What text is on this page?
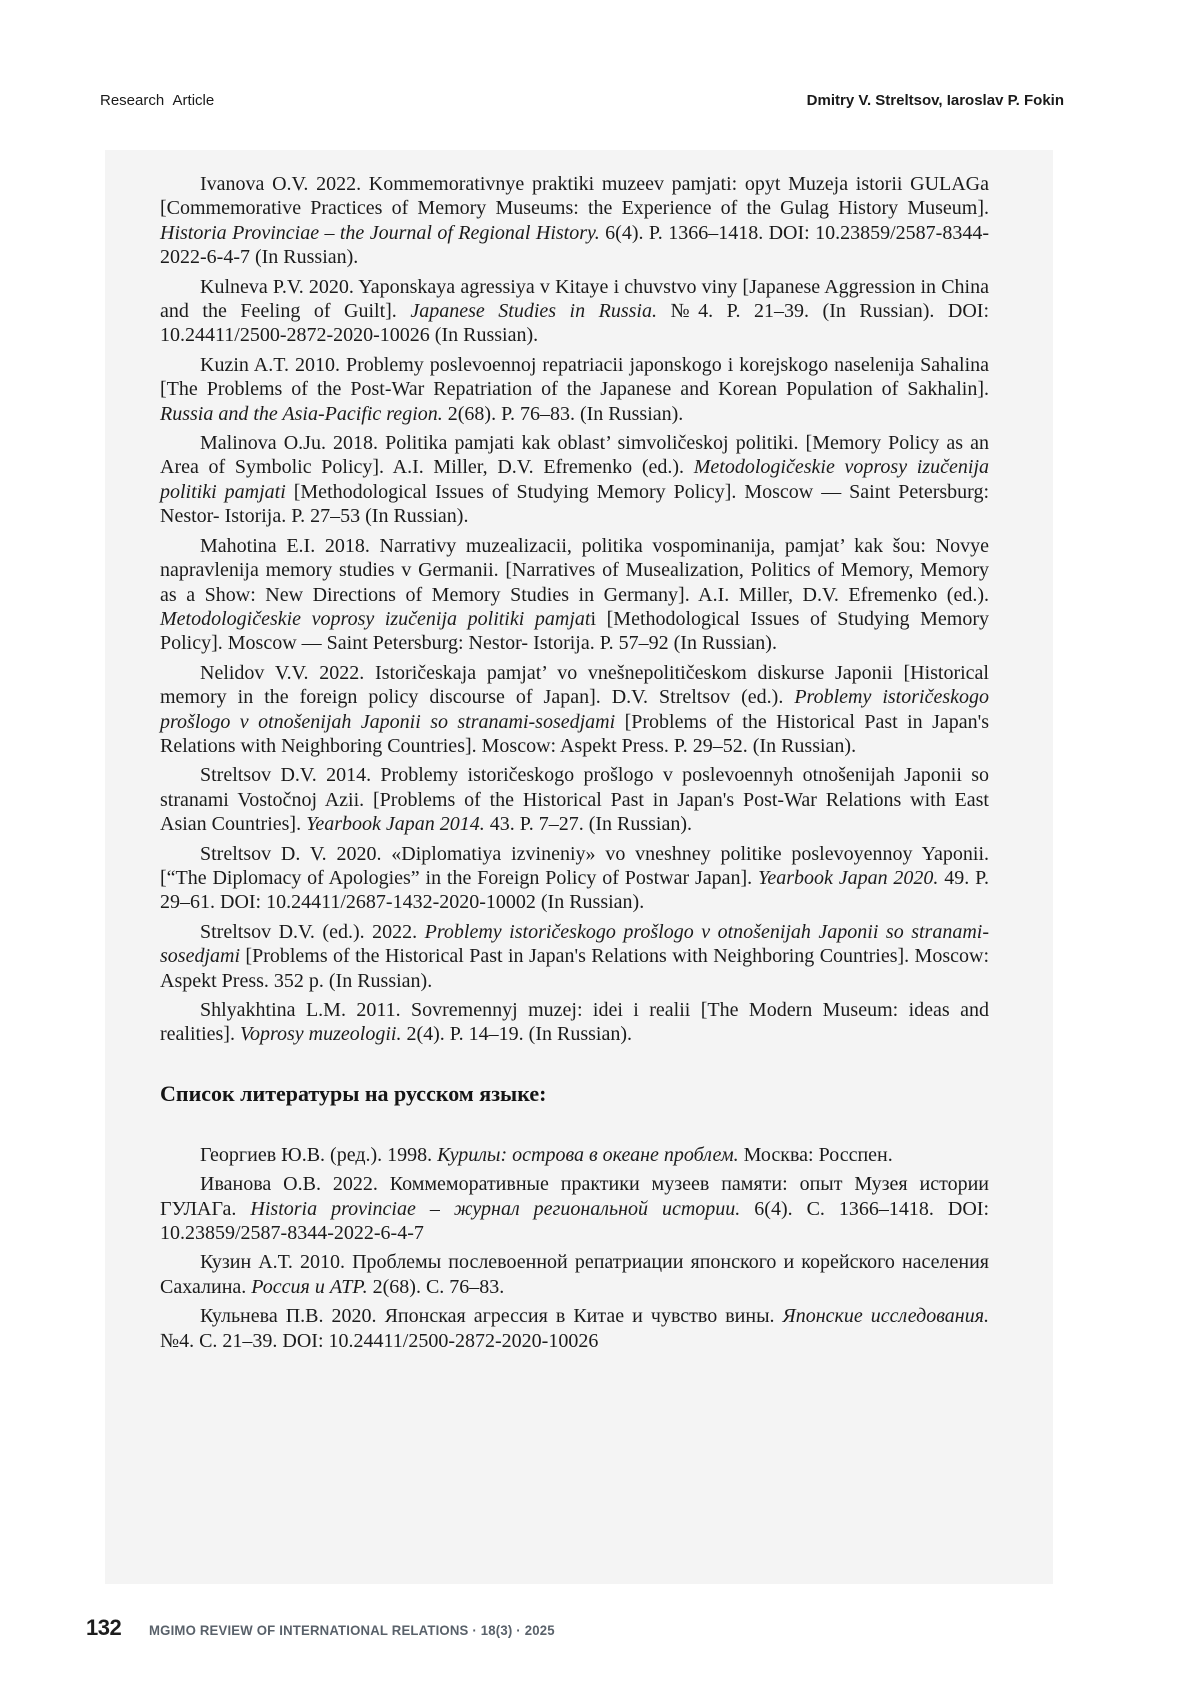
Research Article	Dmitry V. Streltsov, Iaroslav P. Fokin

Ivanova O.V. 2022. Kommemorativnye praktiki muzeev pamjati: opyt Muzeja istorii GULAGa [Commemorative Practices of Memory Museums: the Experience of the Gulag History Museum]. Historia Provinciae – the Journal of Regional History. 6(4). P. 1366–1418. DOI: 10.23859/2587-8344-2022-6-4-7 (In Russian).

Kulneva P.V. 2020. Yaponskaya agressiya v Kitaye i chuvstvo viny [Japanese Aggression in China and the Feeling of Guilt]. Japanese Studies in Russia. №4. P. 21–39. (In Russian). DOI: 10.24411/2500-2872-2020-10026 (In Russian).

Kuzin A.T. 2010. Problemy poslevoennoj repatriacii japonskogo i korejskogo naselenija Sahalina [The Problems of the Post-War Repatriation of the Japanese and Korean Population of Sakhalin]. Russia and the Asia-Pacific region. 2(68). P. 76–83. (In Russian).

Malinova O.Ju. 2018. Politika pamjati kak oblast’ simvoličeskoj politiki. [Memory Policy as an Area of Symbolic Policy]. A.I. Miller, D.V. Efremenko (ed.). Metodologičeskie voprosy izučenija politiki pamjati [Methodological Issues of Studying Memory Policy]. Moscow — Saint Petersburg: Nestor- Istorija. P. 27–53 (In Russian).

Mahotina E.I. 2018. Narrativy muzealizacii, politika vospominanija, pamjat’ kak šou: Novye napravlenija memory studies v Germanii. [Narratives of Musealization, Politics of Memory, Memory as a Show: New Directions of Memory Studies in Germany]. A.I. Miller, D.V. Efremenko (ed.). Metodologičeskie voprosy izučenija politiki pamjati [Methodological Issues of Studying Memory Policy]. Moscow — Saint Petersburg: Nestor- Istorija. P. 57–92 (In Russian).

Nelidov V.V. 2022. Istoričeskaja pamjat’ vo vnešnepolitičeskom diskurse Japonii [Historical memory in the foreign policy discourse of Japan]. D.V. Streltsov (ed.). Problemy istoričeskogo prošlogo v otnošenijah Japonii so stranami-sosedjami [Problems of the Historical Past in Japan's Relations with Neighboring Countries]. Moscow: Aspekt Press. P. 29–52. (In Russian).

Streltsov D.V. 2014. Problemy istoričeskogo prošlogo v poslevoennyh otnošenijah Japonii so stranami Vostočnoj Azii. [Problems of the Historical Past in Japan's Post-War Relations with East Asian Countries]. Yearbook Japan 2014. 43. P. 7–27. (In Russian).

Streltsov D. V. 2020. «Diplomatiya izvineniy» vo vneshney politike poslevoyennoy Yaponii. [“The Diplomacy of Apologies” in the Foreign Policy of Postwar Japan]. Yearbook Japan 2020. 49. P. 29–61. DOI: 10.24411/2687-1432-2020-10002 (In Russian).

Streltsov D.V. (ed.). 2022. Problemy istoričeskogo prošlogo v otnošenijah Japonii so stranami-sosedjami [Problems of the Historical Past in Japan's Relations with Neighboring Countries]. Moscow: Aspekt Press. 352 p. (In Russian).

Shlyakhtina L.M. 2011. Sovremennyj muzej: idei i realii [The Modern Museum: ideas and realities]. Voprosy muzeologii. 2(4). P. 14–19. (In Russian).

Список литературы на русском языке:

Георгиев Ю.В. (ред.). 1998. Курилы: острова в океане проблем. Москва: Росспен.

Иванова О.В. 2022. Коммеморативные практики музеев памяти: опыт Музея истории ГУЛАГа. Historia provinciae – журнал региональной истории. 6(4). С. 1366–1418. DOI: 10.23859/2587-8344-2022-6-4-7

Кузин А.Т. 2010. Проблемы послевоенной репатриации японского и корейского населения Сахалина. Россия и АТР. 2(68). С. 76–83.

Кульнева П.В. 2020. Японская агрессия в Китае и чувство вины. Японские исследования. №4. С. 21–39. DOI: 10.24411/2500-2872-2020-10026

132 MGIMO REVIEW OF INTERNATIONAL RELATIONS · 18(3) · 2025
